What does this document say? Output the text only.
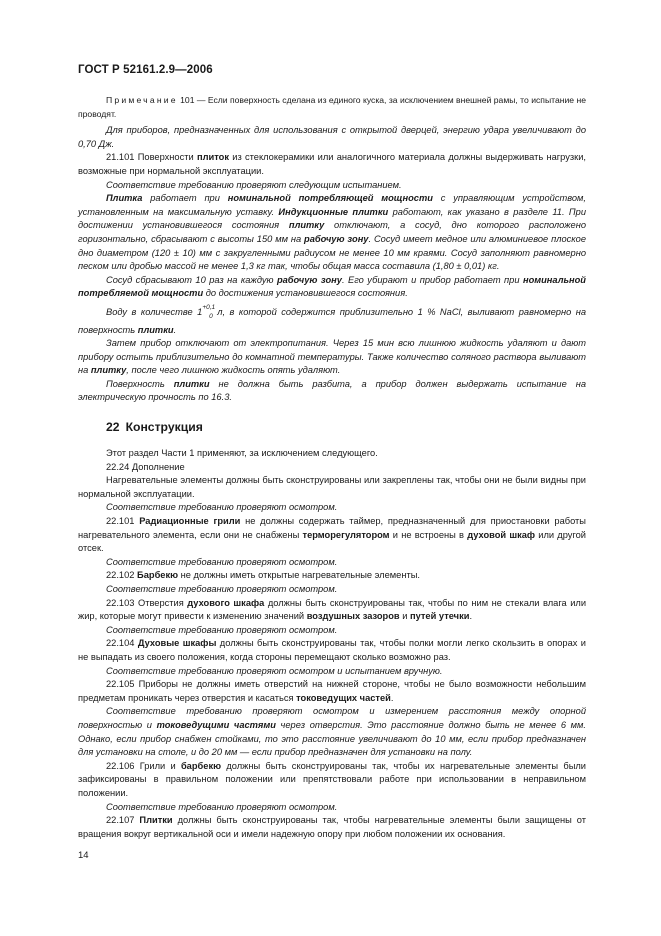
ГОСТ Р 52161.2.9—2006

Примечание 101 — Если поверхность сделана из единого куска, за исключением внешней рамы, то испытание не проводят.

Для приборов, предназначенных для использования с открытой дверцей, энергию удара увеличивают до 0,70 Дж.

21.101 Поверхности плиток из стеклокерамики или аналогичного материала должны выдерживать нагрузки, возможные при нормальной эксплуатации.

Соответствие требованию проверяют следующим испытанием.

Плитка работает при номинальной потребляющей мощности с управляющим устройством, установленным на максимальную уставку. Индукционные плитки работают, как указано в разделе 11. При достижении установившегося состояния плитку отключают, а сосуд, дно которого расположено горизонтально, сбрасывают с высоты 150 мм на рабочую зону. Сосуд имеет медное или алюминиевое плоское дно диаметром (120 ± 10) мм с закругленными радиусом не менее 10 мм краями. Сосуд заполняют равномерно песком или дробью массой не менее 1,3 кг так, чтобы общая масса составила (1,80 ± 0,01) кг.

Сосуд сбрасывают 10 раз на каждую рабочую зону. Его убирают и прибор работает при номинальной потребляемой мощности до достижения установившегося состояния.

Воду в количестве $1^{+0,1}_0$ л, в которой содержится приблизительно 1 % NaCl, выливают равномерно на поверхность плитки.

Затем прибор отключают от электропитания. Через 15 мин всю лишнюю жидкость удаляют и дают прибору остыть приблизительно до комнатной температуры. Также количество соляного раствора выливают на плитку, после чего лишнюю жидкость опять удаляют.

Поверхность плитки не должна быть разбита, а прибор должен выдержать испытание на электрическую прочность по 16.3.

22 Конструкция

Этот раздел Части 1 применяют, за исключением следующего.

22.24 Дополнение

Нагревательные элементы должны быть сконструированы или закреплены так, чтобы они не были видны при нормальной эксплуатации.

Соответствие требованию проверяют осмотром.

22.101 Радиационные грили не должны содержать таймер, предназначенный для приостановки работы нагревательного элемента, если они не снабжены терморегулятором и не встроены в духовой шкаф или другой отсек.

Соответствие требованию проверяют осмотром.

22.102 Барбекю не должны иметь открытые нагревательные элементы.

Соответствие требованию проверяют осмотром.

22.103 Отверстия духового шкафа должны быть сконструированы так, чтобы по ним не стекали влага или жир, которые могут привести к изменению значений воздушных зазоров и путей утечки.

Соответствие требованию проверяют осмотром.

22.104 Духовые шкафы должны быть сконструированы так, чтобы полки могли легко скользить в опорах и не выпадать из своего положения, когда стороны перемещают сколько возможно раз.

Соответствие требованию проверяют осмотром и испытанием вручную.

22.105 Приборы не должны иметь отверстий на нижней стороне, чтобы не было возможности небольшим предметам проникать через отверстия и касаться токоведущих частей.

Соответствие требованию проверяют осмотром и измерением расстояния между опорной поверхностью и токоведущими частями через отверстия. Это расстояние должно быть не менее 6 мм. Однако, если прибор снабжен стойками, то это расстояние увеличивают до 10 мм, если прибор предназначен для установки на столе, и до 20 мм — если прибор предназначен для установки на полу.

22.106 Грили и барбекю должны быть сконструированы так, чтобы их нагревательные элементы были зафиксированы в правильном положении или препятствовали работе при использовании в неправильном положении.

Соответствие требованию проверяют осмотром.

22.107 Плитки должны быть сконструированы так, чтобы нагревательные элементы были защищены от вращения вокруг вертикальной оси и имели надежную опору при любом положении их основания.

14
